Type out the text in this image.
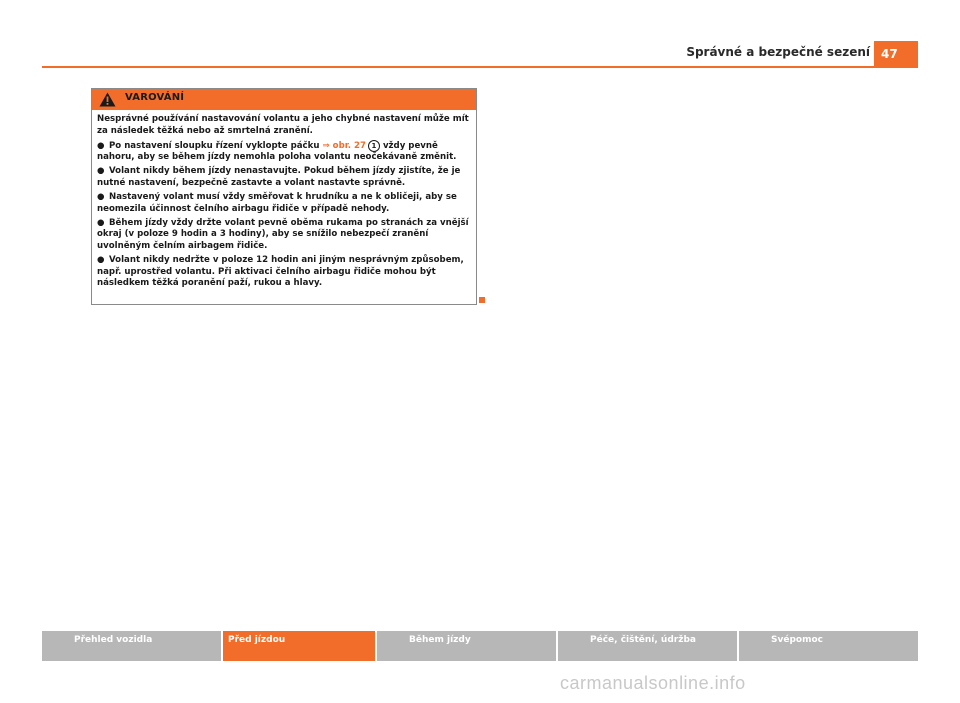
Správné a bezpečné sezení 47
VAROVÁNÍ

Nesprávné používání nastavování volantu a jeho chybné nastavení může mít za následek těžká nebo až smrtelná zranění.

● Po nastavení sloupku řízení vyklopte páčku ⇒ obr. 27 1 vždy pevně nahoru, aby se během jízdy nemohla poloha volantu neočekávaně změnit.

● Volant nikdy během jízdy nenastavujte. Pokud během jízdy zjistíte, že je nutné nastavení, bezpečně zastavte a volant nastavte správně.

● Nastavený volant musí vždy směřovat k hrudníku a ne k obličeji, aby se neomezila účinnost čelního airbagu řidiče v případě nehody.

● Během jízdy vždy držte volant pevně oběma rukama po stranách za vnější okraj (v poloze 9 hodin a 3 hodiny), aby se snížilo nebezpečí zranění uvolněným čelním airbagem řidiče.

● Volant nikdy nedržte v poloze 12 hodin ani jiným nesprávným způsobem, např. uprostřed volantu. Při aktivaci čelního airbagu řidiče mohou být následkem těžká poranění paží, rukou a hlavy.

Přehled vozidla	Před jízdou	Během jízdy	Péče, čištění, údržba	Svépomoc
carmanualsonline.info
